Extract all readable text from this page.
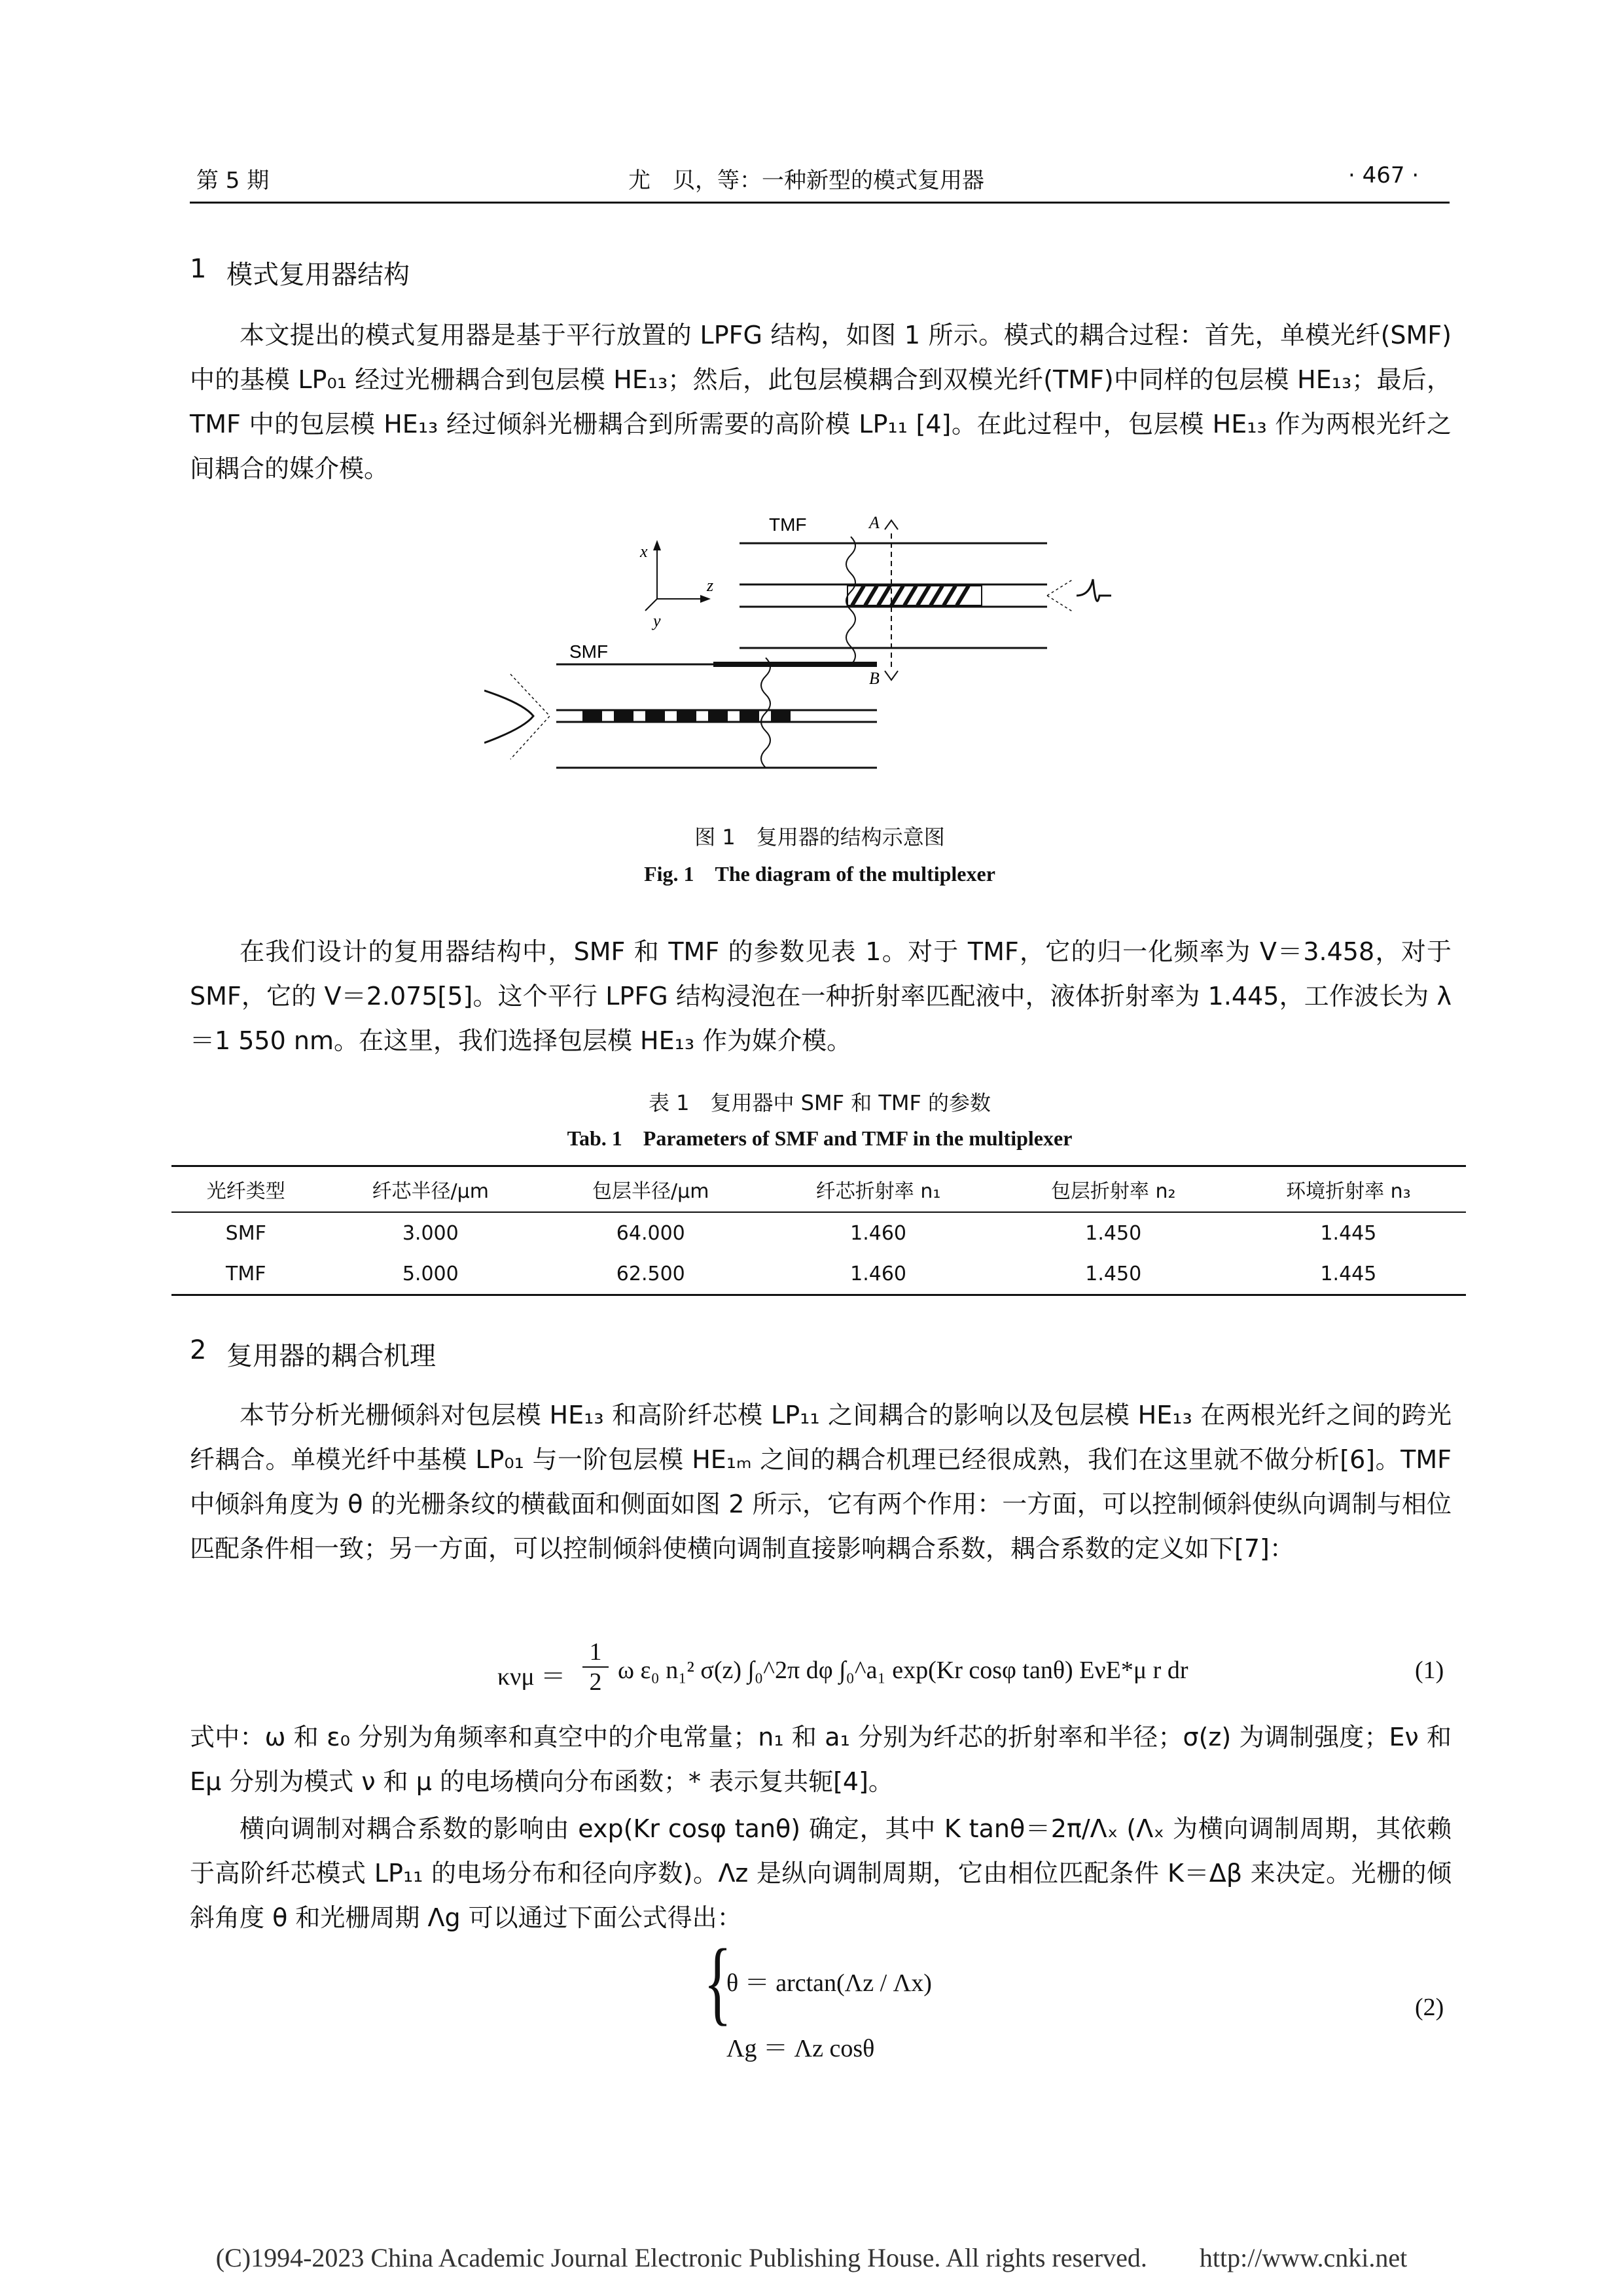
第 5 期	尤　贝，等：一种新型的模式复用器	· 467 ·
1 模式复用器结构

本文提出的模式复用器是基于平行放置的 LPFG 结构，如图 1 所示。模式的耦合过程：首先，单模光纤(SMF)中的基模 LP₀₁ 经过光栅耦合到包层模 HE₁₃；然后，此包层模耦合到双模光纤(TMF)中同样的包层模 HE₁₃；最后，TMF 中的包层模 HE₁₃ 经过倾斜光栅耦合到所需要的高阶模 LP₁₁ [4]。在此过程中，包层模 HE₁₃ 作为两根光纤之间耦合的媒介模。

x
z
y
TMF	A
B
SMF
图 1　复用器的结构示意图
Fig. 1　The diagram of the multiplexer

在我们设计的复用器结构中，SMF 和 TMF 的参数见表 1。对于 TMF，它的归一化频率为 V＝3.458，对于 SMF，它的 V＝2.075[5]。这个平行 LPFG 结构浸泡在一种折射率匹配液中，液体折射率为 1.445，工作波长为 λ＝1 550 nm。在这里，我们选择包层模 HE₁₃ 作为媒介模。

表 1　复用器中 SMF 和 TMF 的参数
Tab. 1　Parameters of SMF and TMF in the multiplexer
光纤类型	纤芯半径/μm	包层半径/μm	纤芯折射率 n₁	包层折射率 n₂	环境折射率 n₃
SMF	3.000	64.000	1.460	1.450	1.445
TMF	5.000	62.500	1.460	1.450	1.445
2 复用器的耦合机理

本节分析光栅倾斜对包层模 HE₁₃ 和高阶纤芯模 LP₁₁ 之间耦合的影响以及包层模 HE₁₃ 在两根光纤之间的跨光纤耦合。单模光纤中基模 LP₀₁ 与一阶包层模 HE₁ₘ 之间的耦合机理已经很成熟，我们在这里就不做分析[6]。TMF 中倾斜角度为 θ 的光栅条纹的横截面和侧面如图 2 所示，它有两个作用：一方面，可以控制倾斜使纵向调制与相位匹配条件相一致；另一方面，可以控制倾斜使横向调制直接影响耦合系数，耦合系数的定义如下[7]：

$\kappa\nu\mu = \frac{1}{2}$ ω ε₀ n₁² σ(z) ∫₀^2π dφ ∫₀^a₁ exp(Kr cosφ tanθ) EνE*μ r dr	(1)

式中：ω 和 ε₀ 分别为角频率和真空中的介电常量；n₁ 和 a₁ 分别为纤芯的折射率和半径；σ(z) 为调制强度；Eν 和 Eμ 分别为模式 ν 和 μ 的电场横向分布函数；* 表示复共轭[4]。

横向调制对耦合系数的影响由 exp(Kr cosφ tanθ) 确定，其中 K tanθ＝2π/Λₓ (Λₓ 为横向调制周期，其依赖于高阶纤芯模式 LP₁₁ 的电场分布和径向序数)。Λz 是纵向调制周期，它由相位匹配条件 K＝Δβ 来决定。光栅的倾斜角度 θ 和光栅周期 Λg 可以通过下面公式得出：

{
θ ＝ arctan(Λz / Λx)
Λg ＝ Λz cosθ
(2)
(C)1994-2023 China Academic Journal Electronic Publishing House. All rights reserved.　　http://www.cnki.net
